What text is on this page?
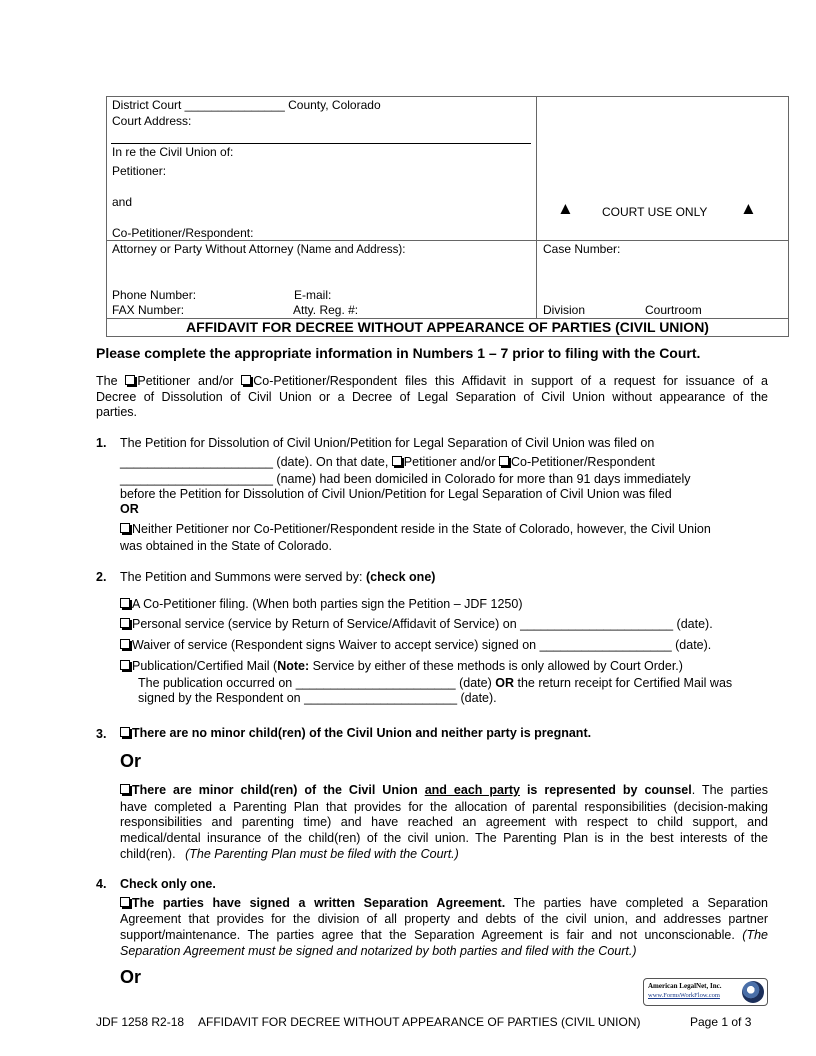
District Court _______________ County, Colorado
Court Address:
In re the Civil Union of:
Petitioner:
and
Co-Petitioner/Respondent:
Attorney or Party Without Attorney (Name and Address):
Phone Number:	E-mail:
FAX Number:	Atty. Reg. #:
▲ COURT USE ONLY ▲
Case Number:
Division	Courtroom
AFFIDAVIT FOR DECREE WITHOUT APPEARANCE OF PARTIES (CIVIL UNION)
Please complete the appropriate information in Numbers 1 – 7 prior to filing with the Court.
The Petitioner and/or Co-Petitioner/Respondent files this Affidavit in support of a request for issuance of a
Decree of Dissolution of Civil Union or a Decree of Legal Separation of Civil Union without appearance of the
parties.
1. The Petition for Dissolution of Civil Union/Petition for Legal Separation of Civil Union was filed on
______________________ (date). On that date, Petitioner and/or Co-Petitioner/Respondent
______________________ (name) had been domiciled in Colorado for more than 91 days immediately
before the Petition for Dissolution of Civil Union/Petition for Legal Separation of Civil Union was filed
OR
Neither Petitioner nor Co-Petitioner/Respondent reside in the State of Colorado, however, the Civil Union
was obtained in the State of Colorado.
2. The Petition and Summons were served by: (check one)
A Co-Petitioner filing. (When both parties sign the Petition – JDF 1250)
Personal service (service by Return of Service/Affidavit of Service) on ______________________ (date).
Waiver of service (Respondent signs Waiver to accept service) signed on ___________________ (date).
Publication/Certified Mail (Note: Service by either of these methods is only allowed by Court Order.)
The publication occurred on _______________________ (date) OR the return receipt for Certified Mail was
signed by the Respondent on ______________________ (date).
3.	There are no minor child(ren) of the Civil Union and neither party is pregnant.
Or
There are minor child(ren) of the Civil Union and each party is represented by counsel. The parties
have completed a Parenting Plan that provides for the allocation of parental responsibilities (decision-making
responsibilities and parenting time) and have reached an agreement with respect to child support, and
medical/dental insurance of the child(ren) of the civil union. The Parenting Plan is in the best interests of the
child(ren). (The Parenting Plan must be filed with the Court.)
4. Check only one.
The parties have signed a written Separation Agreement. The parties have completed a Separation
Agreement that provides for the division of all property and debts of the civil union, and addresses partner
support/maintenance. The parties agree that the Separation Agreement is fair and not unconscionable. (The
Separation Agreement must be signed and notarized by both parties and filed with the Court.)
Or	American LegalNet, Inc.
www.FormsWorkFlow.com
JDF 1258 R2-18 AFFIDAVIT FOR DECREE WITHOUT APPEARANCE OF PARTIES (CIVIL UNION)	Page 1 of 3
